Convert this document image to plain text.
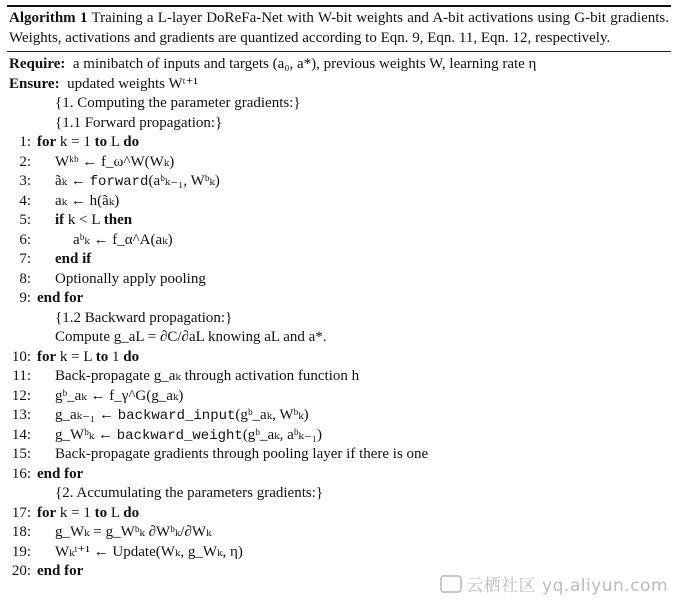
Algorithm 1 Training a L-layer DoReFa-Net with W-bit weights and A-bit activations using G-bit gradients. Weights, activations and gradients are quantized according to Eqn. 9, Eqn. 11, Eqn. 12, respectively.
Require:
a minibatch of inputs and targets (a₀, a*), previous weights W, learning rate η
Ensure:
updated weights Wᵗ⁺¹
{1. Computing the parameter gradients:}
{1.1 Forward propagation:}
1: for k = 1 to L do
2:	Wᵏᵇ ← f_ω^W(Wₖ)
3:	ãₖ ← forward(aᵇₖ₋₁, Wᵇₖ)
4:	aₖ ← h(ãₖ)
5:	if k < L then
6:	aᵇₖ ← f_α^A(aₖ)
7:	end if
8:	Optionally apply pooling
9: end for
{1.2 Backward propagation:}
Compute g_aL = ∂C/∂aL knowing aL and a*.
10: for k = L to 1 do
11:	Back-propagate g_aₖ through activation function h
12:	gᵇ_aₖ ← f_γ^G(g_aₖ)
13:	g_aₖ₋₁ ← backward_input(gᵇ_aₖ, Wᵇₖ)
14:	g_Wᵇₖ ← backward_weight(gᵇ_aₖ, aᵇₖ₋₁)
15:	Back-propagate gradients through pooling layer if there is one
16: end for
{2. Accumulating the parameters gradients:}
17: for k = 1 to L do
18:	g_Wₖ = g_Wᵇₖ ∂Wᵇₖ/∂Wₖ
19:	Wₖᵗ⁺¹ ← Update(Wₖ, g_Wₖ, η)
20: end for
云栖社区 yq.aliyun.com
